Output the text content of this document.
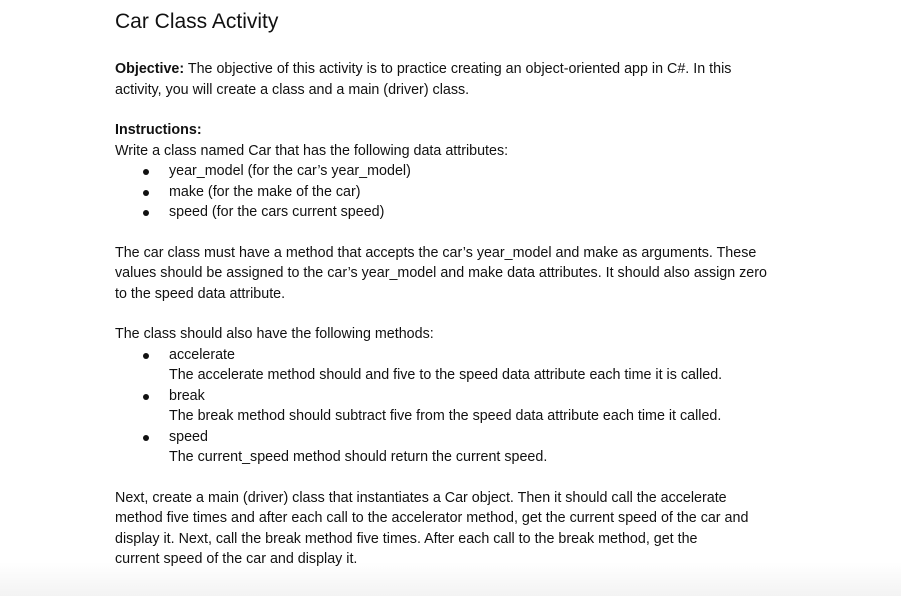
Car Class Activity

Objective: The objective of this activity is to practice creating an object-oriented app in C#. In this

activity, you will create a class and a main (driver) class.

Instructions:

Write a class named Car that has the following data attributes:

year_model (for the car’s year_model)
make (for the make of the car)
speed (for the cars current speed)

The car class must have a method that accepts the car’s year_model and make as arguments. These

values should be assigned to the car’s year_model and make data attributes. It should also assign zero

to the speed data attribute.

The class should also have the following methods:

accelerate
The accelerate method should and five to the speed data attribute each time it is called.
break
The break method should subtract five from the speed data attribute each time it called.
speed
The current_speed method should return the current speed.

Next, create a main (driver) class that instantiates a Car object. Then it should call the accelerate

method five times and after each call to the accelerator method, get the current speed of the car and

display it. Next, call the break method five times. After each call to the break method, get the

current speed of the car and display it.
